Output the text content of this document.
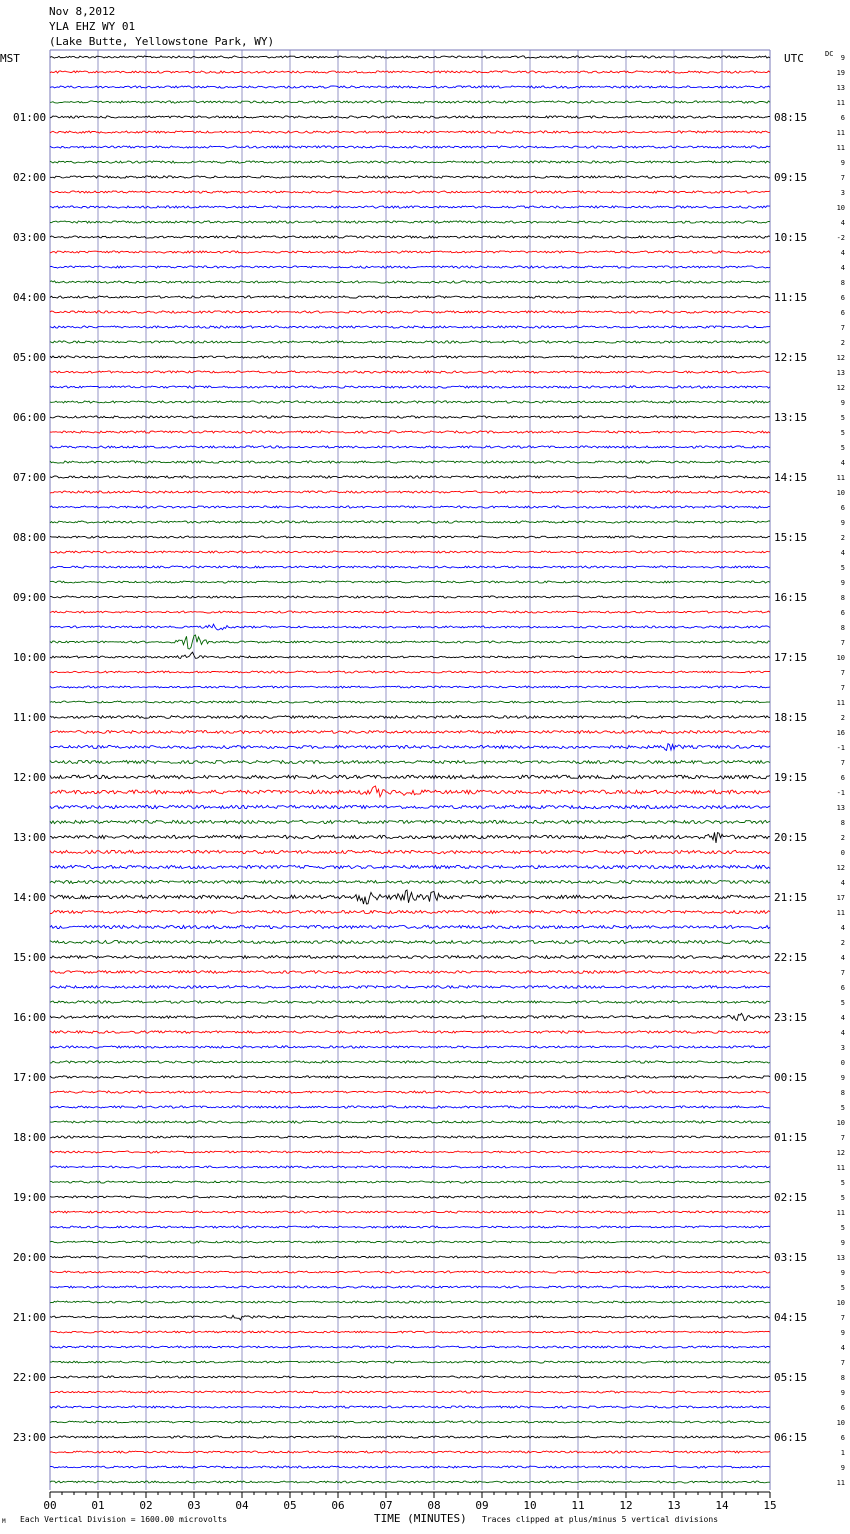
Nov 8,2012
YLA EHZ WY 01
(Lake Butte, Yellowstone Park, WY)
MST	UTC	DC
01:00
02:00
03:00
04:00
05:00
06:00
07:00
08:00
09:00
10:00
11:00
12:00
13:00
14:00
15:00
16:00
17:00
18:00
19:00
20:00
21:00
22:00
23:00
08:15
09:15
10:15
11:15
12:15
13:15
14:15
15:15
16:15
17:15
18:15
19:15
20:15
21:15
22:15
23:15
00:15
01:15
02:15
03:15
04:15
05:15
06:15
9
19
13
11
6
11
11
9
7
3
10
4
-2
4
4
8
6
6
7
2
12
13
12
9
5
5
5
4
11
10
6
9
2
4
5
9
8
6
8
7
10
7
7
11
2
16
-1
7
6
-1
13
8
2
0
12
4
17
11
4
2
4
7
6
5
4
4
3
0
9
8
5
10
7
12
11
5
5
11
5
9
13
9
5
10
7
9
4
7
8
9
6
10
6
1
9
11
00	01	02	03	04	05	06	07	08	09	10	11	12	13	14	15
TIME (MINUTES)
M Each Vertical Division = 1600.00 microvolts	Traces clipped at plus/minus 5 vertical divisions
